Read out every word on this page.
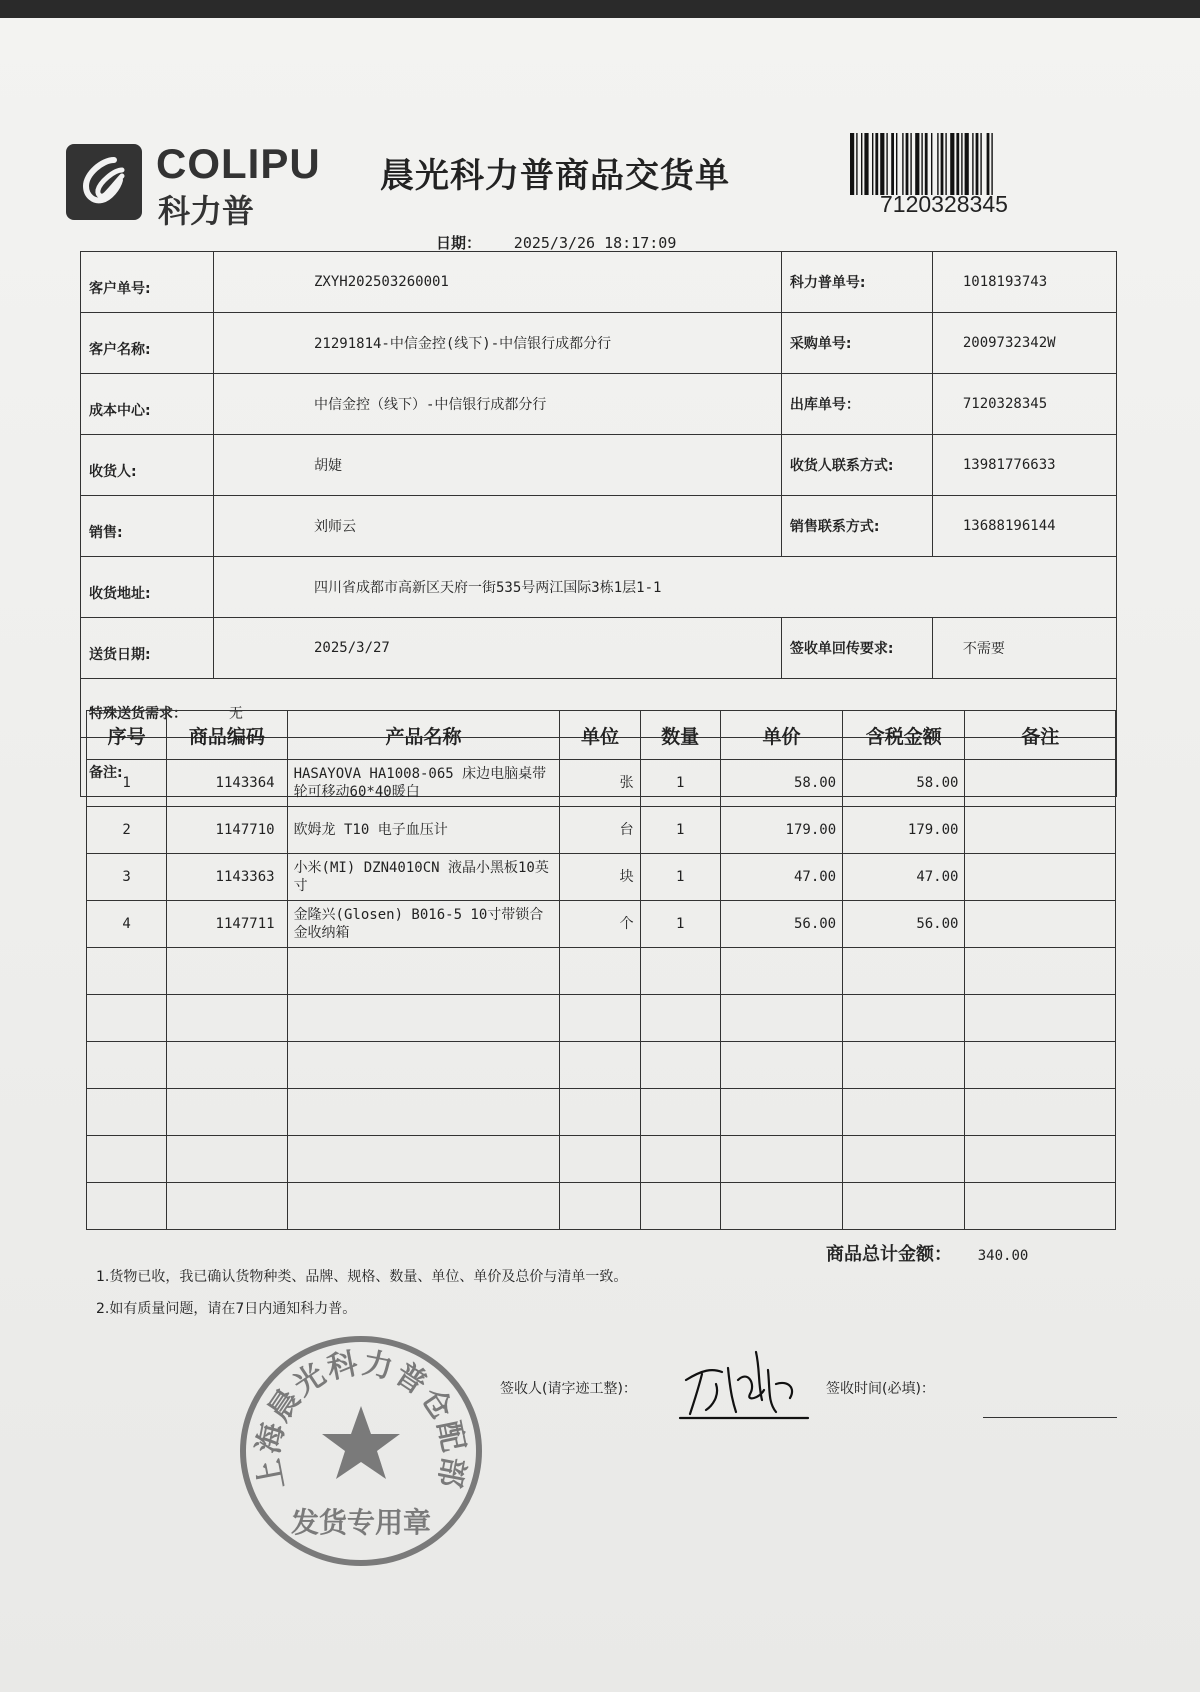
COLIPU
科力普
晨光科力普商品交货单
7120328345
日期： 2025/3/26 18:17:09
客户单号:	ZXYH202503260001	科力普单号:	1018193743
客户名称:	21291814-中信金控(线下)-中信银行成都分行	采购单号:	2009732342W
成本中心:	中信金控（线下）-中信银行成都分行	出库单号：	7120328345
收货人:	胡婕	收货人联系方式:	13981776633
销售:	刘师云	销售联系方式:	13688196144
收货地址:	四川省成都市高新区天府一街535号两江国际3栋1层1-1		
送货日期:	2025/3/27	签收单回传要求:	不需要

特殊送货需求： 无			

备注:			
序号	商品编码	产品名称	单位	数量	单价	含税金额	备注
1	1143364	HASAYOVA HA1008-065 床边电脑桌带轮可移动60*40暖白	张	1	58.00	58.00	
2	1147710	欧姆龙 T10 电子血压计	台	1	179.00	179.00	
3	1143363	小米(MI) DZN4010CN 液晶小黑板10英寸	块	1	47.00	47.00	
4	1147711	金隆兴(Glosen) B016-5 10寸带锁合金收纳箱	个	1	56.00	56.00	

商品总计金额： 340.00
1.货物已收，我已确认货物种类、品牌、规格、数量、单位、单价及总价与清单一致。
2.如有质量问题，请在7日内通知科力普。
上海晨光科力普仓配部
发货专用章
签收人(请字迹工整)：	签收时间(必填)：
